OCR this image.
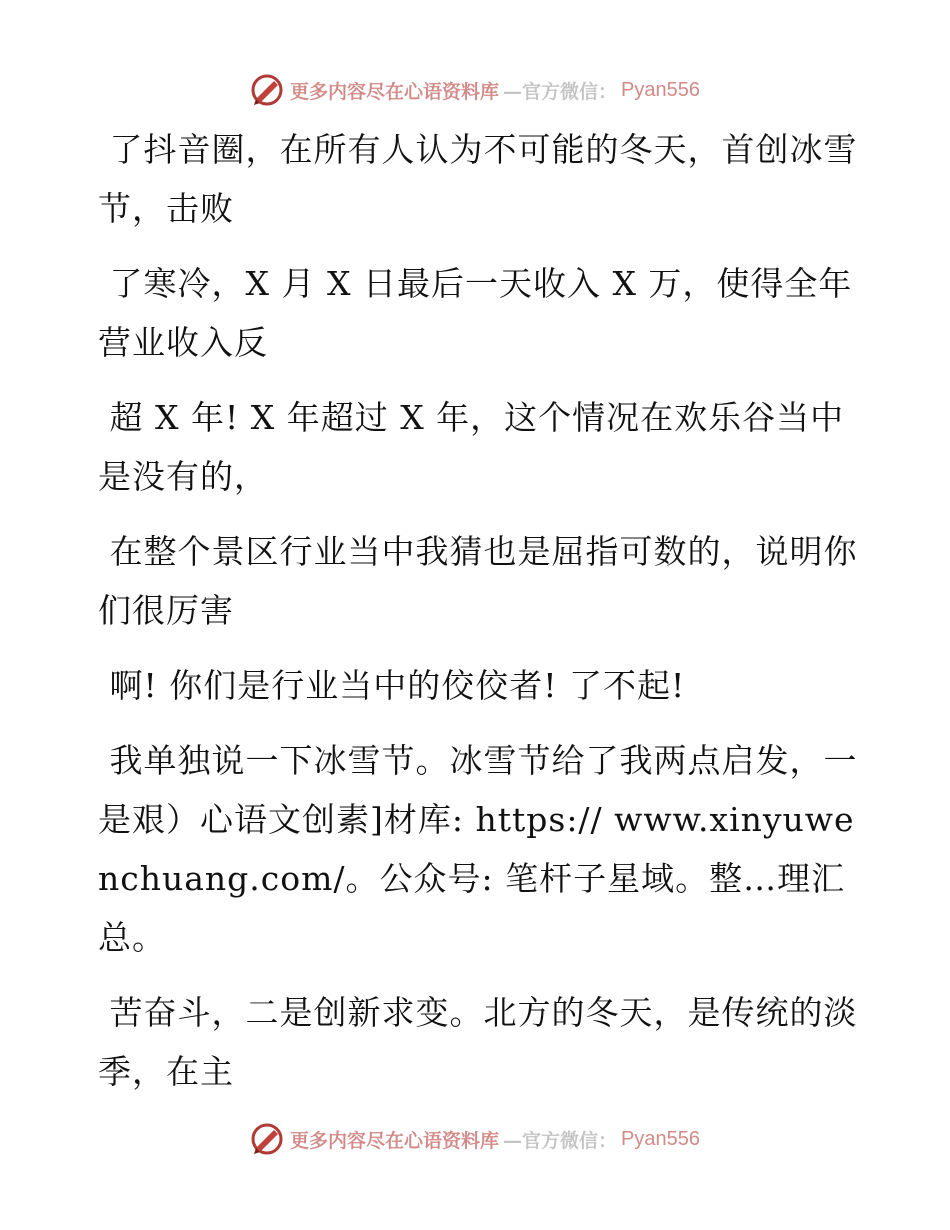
更多内容尽在心语资料库 —官方微信： Pyan556

了抖音圈，在所有人认为不可能的冬天，首创冰雪节，击败

了寒冷，X 月 X 日最后一天收入 X 万，使得全年营业收入反

超 X 年! X 年超过 X 年，这个情况在欢乐谷当中是没有的，

在整个景区行业当中我猜也是屈指可数的，说明你们很厉害

啊! 你们是行业当中的佼佼者! 了不起!

我单独说一下冰雪节。冰雪节给了我两点启发，一是艰）心语文创素]材库: https:// www.xinyuwenchuang.com/。公众号: 笔杆子星域。整…理汇总。

苦奋斗，二是创新求变。北方的冬天，是传统的淡季，在主

更多内容尽在心语资料库 —官方微信： Pyan556
